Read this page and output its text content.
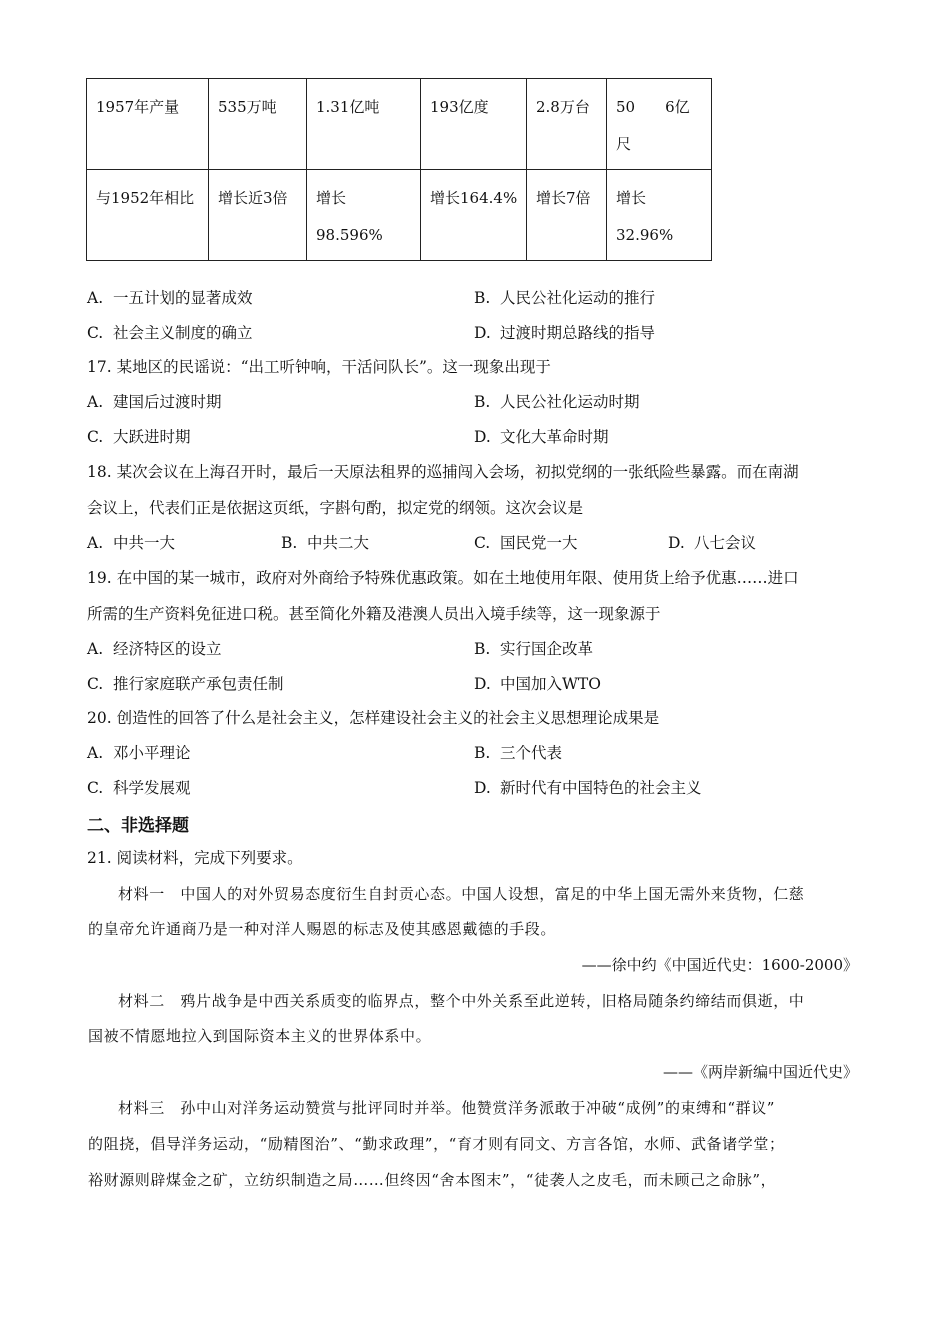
1957年产量	535万吨	1.31亿吨	193亿度	2.8万台	50　　6亿尺
与1952年相比	增长近3倍	增长98.596%	增长164.4%	增长7倍	增长32.96%
A. 一五计划的显著成效	B. 人民公社化运动的推行
C. 社会主义制度的确立	D. 过渡时期总路线的指导
17. 某地区的民谣说：“出工听钟响，干活问队长”。这一现象出现于
A. 建国后过渡时期	B. 人民公社化运动时期
C. 大跃进时期	D. 文化大革命时期
18. 某次会议在上海召开时，最后一天原法租界的巡捕闯入会场，初拟党纲的一张纸险些暴露。而在南湖
会议上，代表们正是依据这页纸，字斟句酌，拟定党的纲领。这次会议是
A. 中共一大	B. 中共二大	C. 国民党一大	D. 八七会议
19. 在中国的某一城市，政府对外商给予特殊优惠政策。如在土地使用年限、使用货上给予优惠……进口
所需的生产资料免征进口税。甚至简化外籍及港澳人员出入境手续等，这一现象源于
A. 经济特区的设立	B. 实行国企改革
C. 推行家庭联产承包责任制	D. 中国加入WTO
20. 创造性的回答了什么是社会主义，怎样建设社会主义的社会主义思想理论成果是
A. 邓小平理论	B. 三个代表
C. 科学发展观	D. 新时代有中国特色的社会主义
二、非选择题
21. 阅读材料，完成下列要求。
材料一　中国人的对外贸易态度衍生自封贡心态。中国人设想，富足的中华上国无需外来货物，仁慈
的皇帝允许通商乃是一种对洋人赐恩的标志及使其感恩戴德的手段。
——徐中约《中国近代史：1600-2000》
材料二　鸦片战争是中西关系质变的临界点，整个中外关系至此逆转，旧格局随条约缔结而俱逝，中
国被不情愿地拉入到国际资本主义的世界体系中。
——《两岸新编中国近代史》
材料三　孙中山对洋务运动赞赏与批评同时并举。他赞赏洋务派敢于冲破“成例”的束缚和“群议”
的阻挠，倡导洋务运动，“励精图治”、“勤求政理”，“育才则有同文、方言各馆，水师、武备诸学堂；
裕财源则辟煤金之矿，立纺织制造之局……但终因“舍本图末”，“徒袭人之皮毛，而未顾己之命脉”，
